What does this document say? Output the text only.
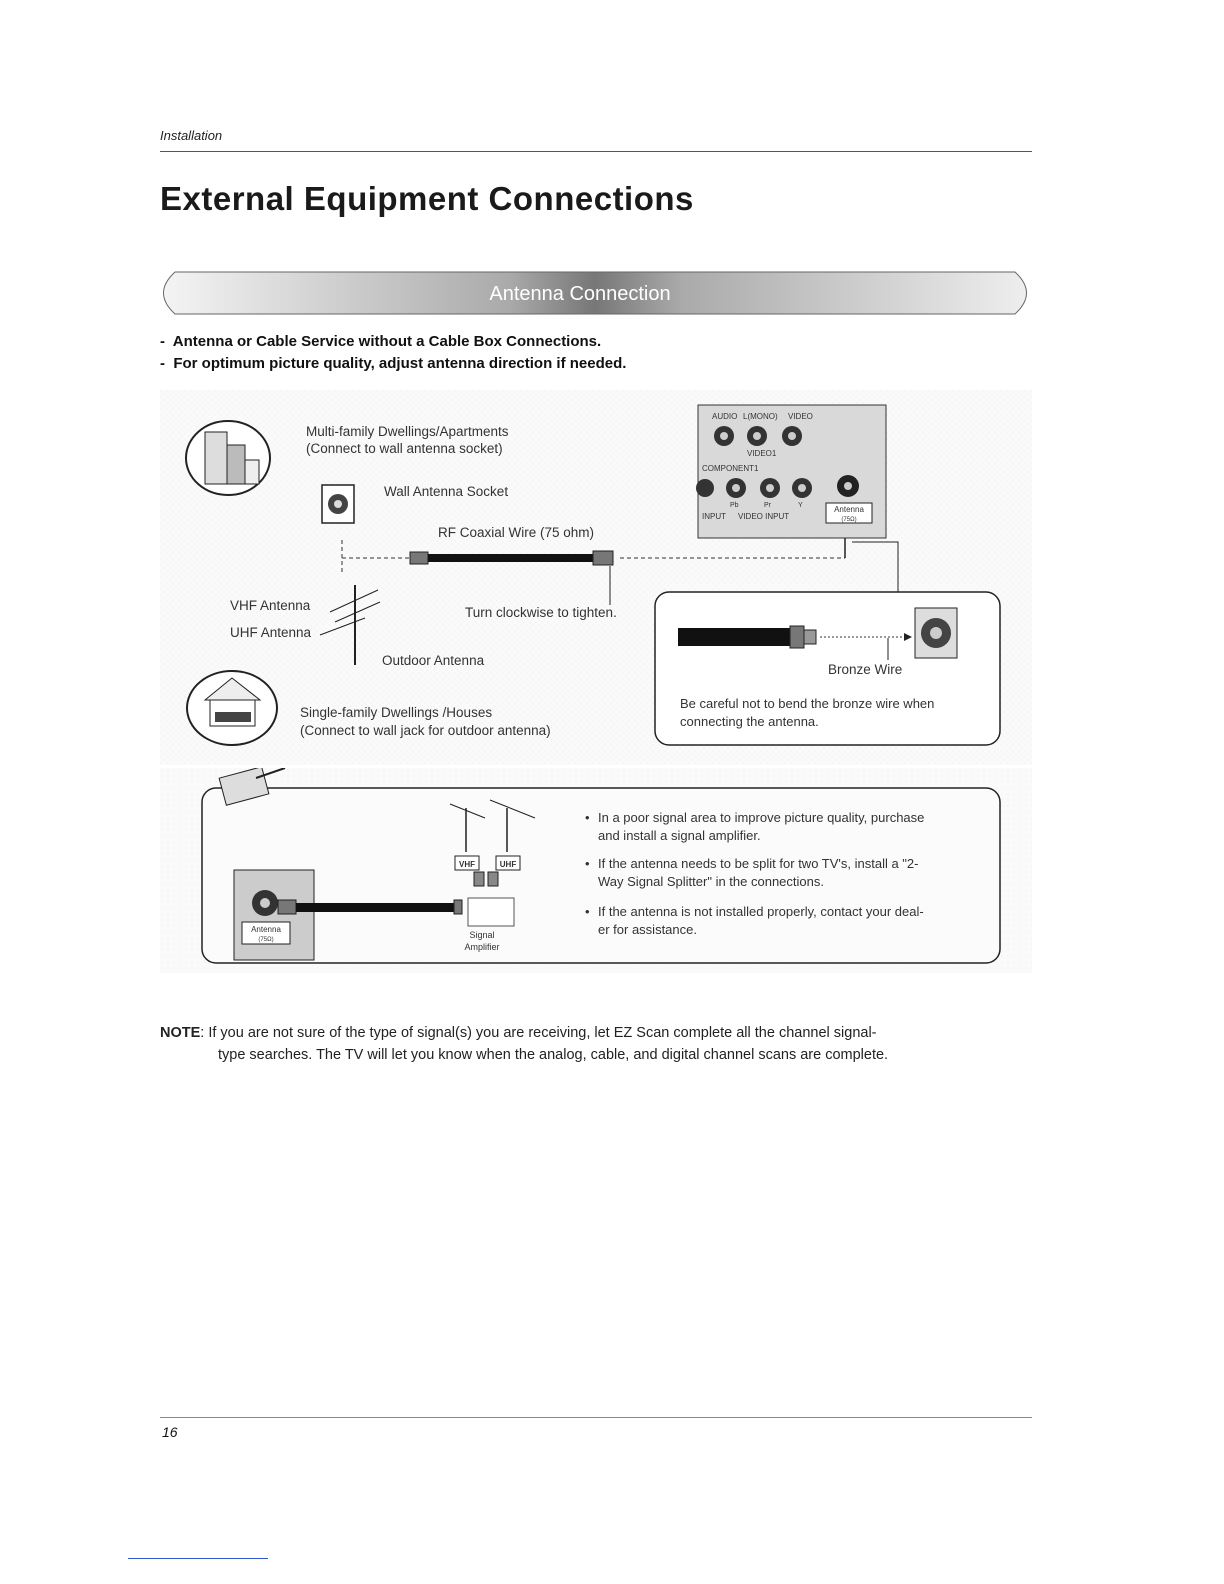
Installation
External Equipment Connections
Antenna Connection
- Antenna or Cable Service without a Cable Box Connections.
- For optimum picture quality, adjust antenna direction if needed.
Multi-family Dwellings/Apartments
(Connect to wall antenna socket)
Wall Antenna Socket
RF Coaxial Wire (75 ohm)
AUDIO L(MONO) VIDEO
VIDEO1
COMPONENT1
Pb	Pr	Y
INPUT VIDEO INPUT
Antenna
(75Ω)
VHF Antenna
UHF Antenna
Turn clockwise to tighten.
Outdoor Antenna
Single-family Dwellings /Houses
(Connect to wall jack for outdoor antenna)
Bronze Wire
Be careful not to bend the bronze wire when
connecting the antenna.
VHF	UHF
Antenna
(75Ω)	Signal
Amplifier
• In a poor signal area to improve picture quality, purchase
and install a signal amplifier.
• If the antenna needs to be split for two TV's, install a "2-
Way Signal Splitter" in the connections.
• If the antenna is not installed properly, contact your deal-
er for assistance.
NOTE: If you are not sure of the type of signal(s) you are receiving, let EZ Scan complete all the channel signal-
type searches. The TV will let you know when the analog, cable, and digital channel scans are complete.
16
